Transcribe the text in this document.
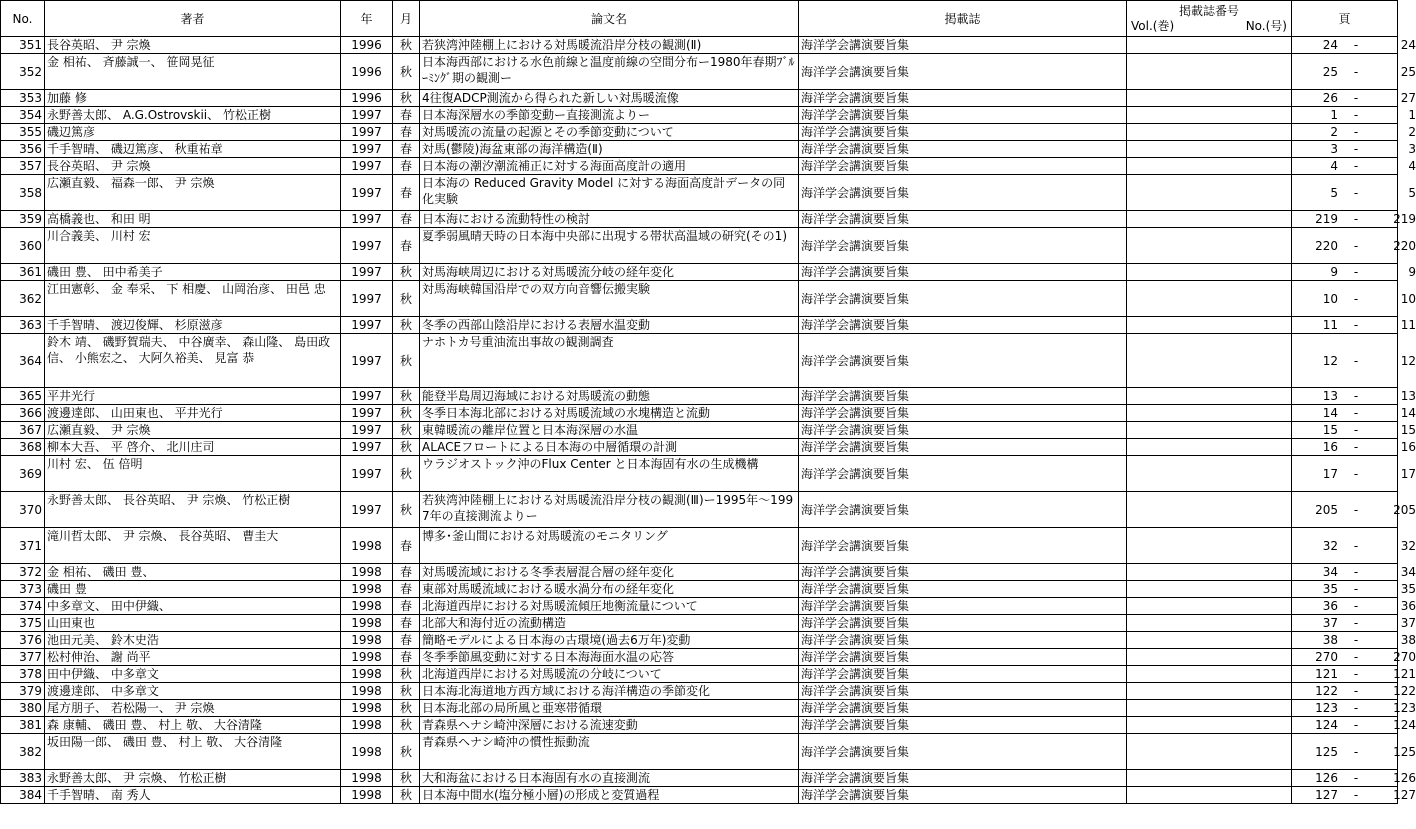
No.	著者	年	月	論文名	掲載誌	掲載誌番号
Vol.(巻) No.(号)	頁
351	長谷英昭、 尹 宗煥	1996	秋	若狭湾沖陸棚上における対馬暖流沿岸分枝の観測(Ⅱ)	海洋学会講演要旨集		24 - 24
352	金 相祐、 斉藤誠一、 笹岡晃征	1996	秋	日本海西部における水色前線と温度前線の空間分布ー1980年春期ﾌﾞﾙｰﾐﾝｸﾞ期の観測ー	海洋学会講演要旨集		25 - 25
353	加藤 修	1996	秋	4往復ADCP測流から得られた新しい対馬暖流像	海洋学会講演要旨集		26 - 27
354	永野善太郎、 A.G.Ostrovskii、 竹松正樹	1997	春	日本海深層水の季節変動ー直接測流よりー	海洋学会講演要旨集		1 - 1
355	磯辺篤彦	1997	春	対馬暖流の流量の起源とその季節変動について	海洋学会講演要旨集		2 - 2
356	千手智晴、 磯辺篤彦、 秋重祐章	1997	春	対馬(鬱陵)海盆東部の海洋構造(Ⅱ)	海洋学会講演要旨集		3 - 3
357	長谷英昭、 尹 宗煥	1997	春	日本海の潮汐潮流補正に対する海面高度計の適用	海洋学会講演要旨集		4 - 4
358	広瀬直毅、 福森一郎、 尹 宗煥	1997	春	日本海の Reduced Gravity Model に対する海面高度計データの同化実験	海洋学会講演要旨集		5 - 5
359	高橋義也、 和田 明	1997	春	日本海における流動特性の検討	海洋学会講演要旨集		219 - 219
360	川合義美、 川村 宏	1997	春	夏季弱風晴天時の日本海中央部に出現する帯状高温域の研究(その1)	海洋学会講演要旨集		220 - 220
361	磯田 豊、 田中希美子	1997	秋	対馬海峡周辺における対馬暖流分岐の経年変化	海洋学会講演要旨集		9 - 9
362	江田憲彰、 金 奉采、 下 相慶、 山岡治彦、 田邑 忠	1997	秋	対馬海峡韓国沿岸での双方向音響伝搬実験	海洋学会講演要旨集		10 - 10
363	千手智晴、 渡辺俊輝、 杉原滋彦	1997	秋	冬季の西部山陰沿岸における表層水温変動	海洋学会講演要旨集		11 - 11
364	鈴木 靖、 磯野賀瑞夫、 中谷廣幸、 森山隆、 島田政信、 小熊宏之、 大阿久裕美、 見富 恭	1997	秋	ナホトカ号重油流出事故の観測調査	海洋学会講演要旨集		12 - 12
365	平井光行	1997	秋	能登半島周辺海域における対馬暖流の動態	海洋学会講演要旨集		13 - 13
366	渡邊達郎、 山田東也、 平井光行	1997	秋	冬季日本海北部における対馬暖流域の水塊構造と流動	海洋学会講演要旨集		14 - 14
367	広瀬直毅、 尹 宗煥	1997	秋	東韓暖流の離岸位置と日本海深層の水温	海洋学会講演要旨集		15 - 15
368	柳本大吾、 平 啓介、 北川庄司	1997	秋	ALACEフロートによる日本海の中層循環の計測	海洋学会講演要旨集		16 - 16
369	川村 宏、 伍 倍明	1997	秋	ウラジオストック沖のFlux Center と日本海固有水の生成機構	海洋学会講演要旨集		17 - 17
370	永野善太郎、 長谷英昭、 尹 宗煥、 竹松正樹	1997	秋	若狭湾沖陸棚上における対馬暖流沿岸分枝の観測(Ⅲ)ー1995年～1997年の直接測流よりー	海洋学会講演要旨集		205 - 205
371	滝川哲太郎、 尹 宗煥、 長谷英昭、 曹圭大	1998	春	博多･釜山間における対馬暖流のモニタリング	海洋学会講演要旨集		32 - 32
372	金 相祐、 磯田 豊、	1998	春	対馬暖流域における冬季表層混合層の経年変化	海洋学会講演要旨集		34 - 34
373	磯田 豊	1998	春	東部対馬暖流域における暖水渦分布の経年変化	海洋学会講演要旨集		35 - 35
374	中多章文、 田中伊織、	1998	春	北海道西岸における対馬暖流傾圧地衡流量について	海洋学会講演要旨集		36 - 36
375	山田東也	1998	春	北部大和海付近の流動構造	海洋学会講演要旨集		37 - 37
376	池田元美、 鈴木史浩	1998	春	簡略モデルによる日本海の古環境(過去6万年)変動	海洋学会講演要旨集		38 - 38
377	松村伸治、 謝 尚平	1998	春	冬季季節風変動に対する日本海海面水温の応答	海洋学会講演要旨集		270 - 270
378	田中伊織、 中多章文	1998	秋	北海道西岸における対馬暖流の分岐について	海洋学会講演要旨集		121 - 121
379	渡邊達郎、 中多章文	1998	秋	日本海北海道地方西方域における海洋構造の季節変化	海洋学会講演要旨集		122 - 122
380	尾方朋子、 若松陽一、 尹 宗煥	1998	秋	日本海北部の局所風と亜寒帯循環	海洋学会講演要旨集		123 - 123
381	森 康輔、 磯田 豊、 村上 敬、 大谷清隆	1998	秋	青森県ヘナシ崎沖深層における流速変動	海洋学会講演要旨集		124 - 124
382	坂田陽一郎、 磯田 豊、 村上 敬、 大谷清隆	1998	秋	青森県ヘナシ崎沖の慣性振動流	海洋学会講演要旨集		125 - 125
383	永野善太郎、 尹 宗煥、 竹松正樹	1998	秋	大和海盆における日本海固有水の直接測流	海洋学会講演要旨集		126 - 126
384	千手智晴、 南 秀人	1998	秋	日本海中間水(塩分極小層)の形成と変質過程	海洋学会講演要旨集		127 - 127
